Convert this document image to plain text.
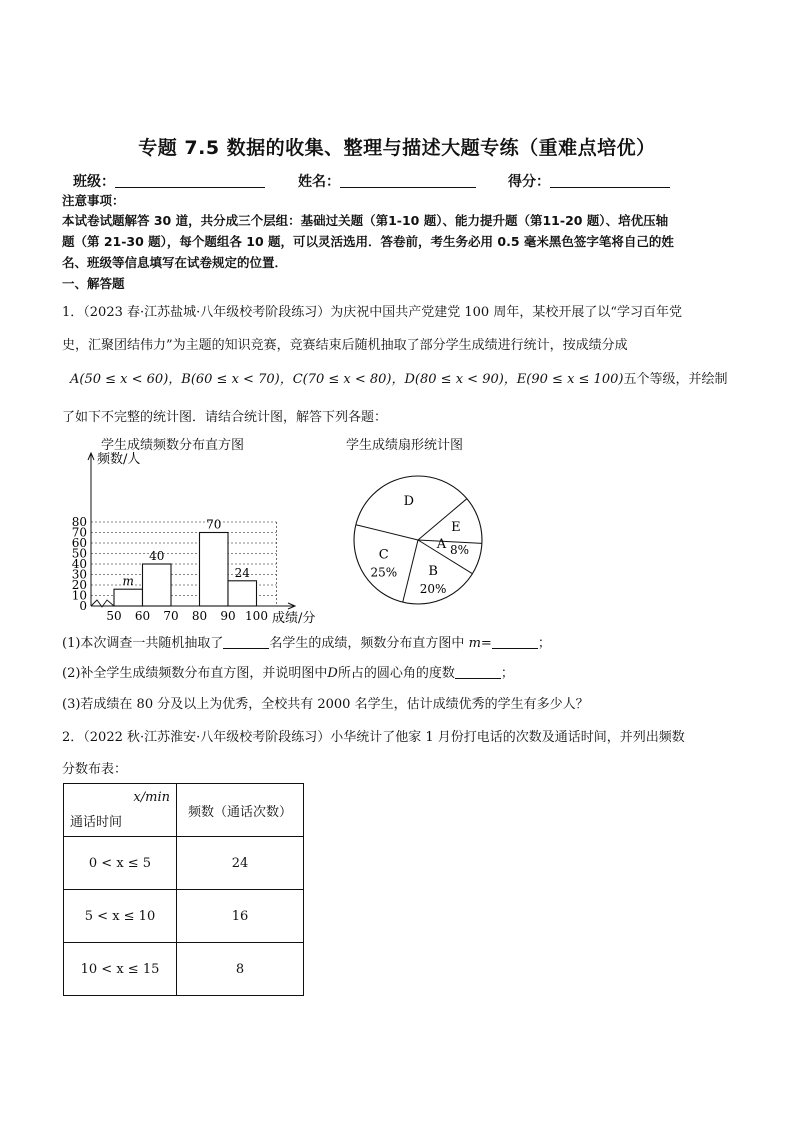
专题 7.5 数据的收集、整理与描述大题专练（重难点培优）
班级：	姓名：	得分：
注意事项：
本试卷试题解答 30 道，共分成三个层组：基础过关题（第1-10 题）、能力提升题（第11-20 题）、培优压轴
题（第 21-30 题），每个题组各 10 题，可以灵活选用．答卷前，考生务必用 0.5 毫米黑色签字笔将自己的姓
名、班级等信息填写在试卷规定的位置．
一、解答题
1．（2023 春·江苏盐城·八年级校考阶段练习）为庆祝中国共产党建党 100 周年，某校开展了以“学习百年党
史，汇聚团结伟力”为主题的知识竞赛，竞赛结束后随机抽取了部分学生成绩进行统计，按成绩分成
A(50 ≤ x < 60)，B(60 ≤ x < 70)，C(70 ≤ x < 80)，D(80 ≤ x < 90)，E(90 ≤ x ≤ 100)五个等级，并绘制
了如下不完整的统计图．请结合统计图，解答下列各题：
学生成绩频数分布直方图
0
10
20
30
40
50
60
70
80
m
40
70
24
50 60 70 80 90 100
频数/人
成绩/分
学生成绩扇形统计图
A 8%
B
20%
C
25%
D
E
(1)本次调查一共随机抽取了	名学生的成绩，频数分布直方图中 m=	；
(2)补全学生成绩频数分布直方图，并说明图中D所占的圆心角的度数	；
(3)若成绩在 80 分及以上为优秀，全校共有 2000 名学生，估计成绩优秀的学生有多少人？
2．（2022 秋·江苏淮安·八年级校考阶段练习）小华统计了他家 1 月份打电话的次数及通话时间，并列出频数
分数布表：
x/min
通话时间	频数（通话次数）
0 < x ≤ 5	24
5 < x ≤ 10	16
10 < x ≤ 15	8
